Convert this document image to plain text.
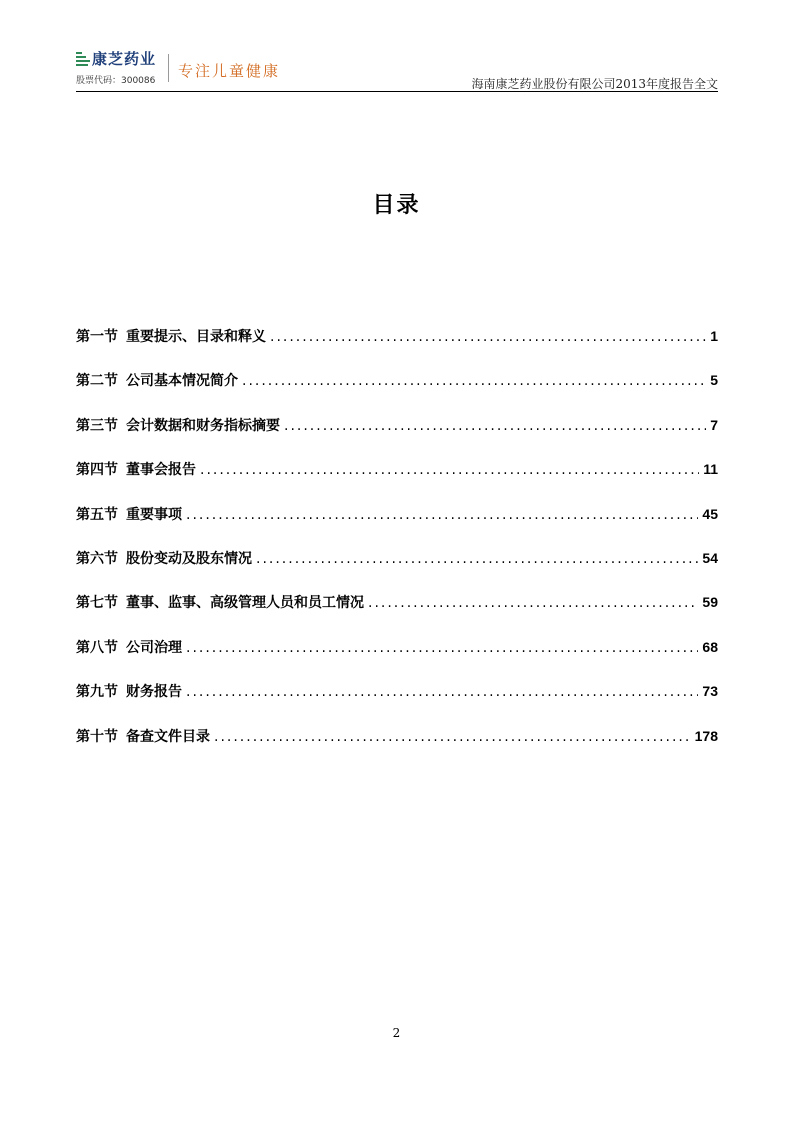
康芝药业
股票代码：300086
专注儿童健康
海南康芝药业股份有限公司2013年度报告全文
目录
第一节 重要提示、目录和释义 .....	1
第二节 公司基本情况简介 .....	5
第三节 会计数据和财务指标摘要 .....	7
第四节 董事会报告 .....	11
第五节 重要事项 .....	45
第六节 股份变动及股东情况 .....	54
第七节 董事、监事、高级管理人员和员工情况 .....	59
第八节 公司治理 .....	68
第九节 财务报告 .....	73
第十节 备查文件目录 .....	178
2
